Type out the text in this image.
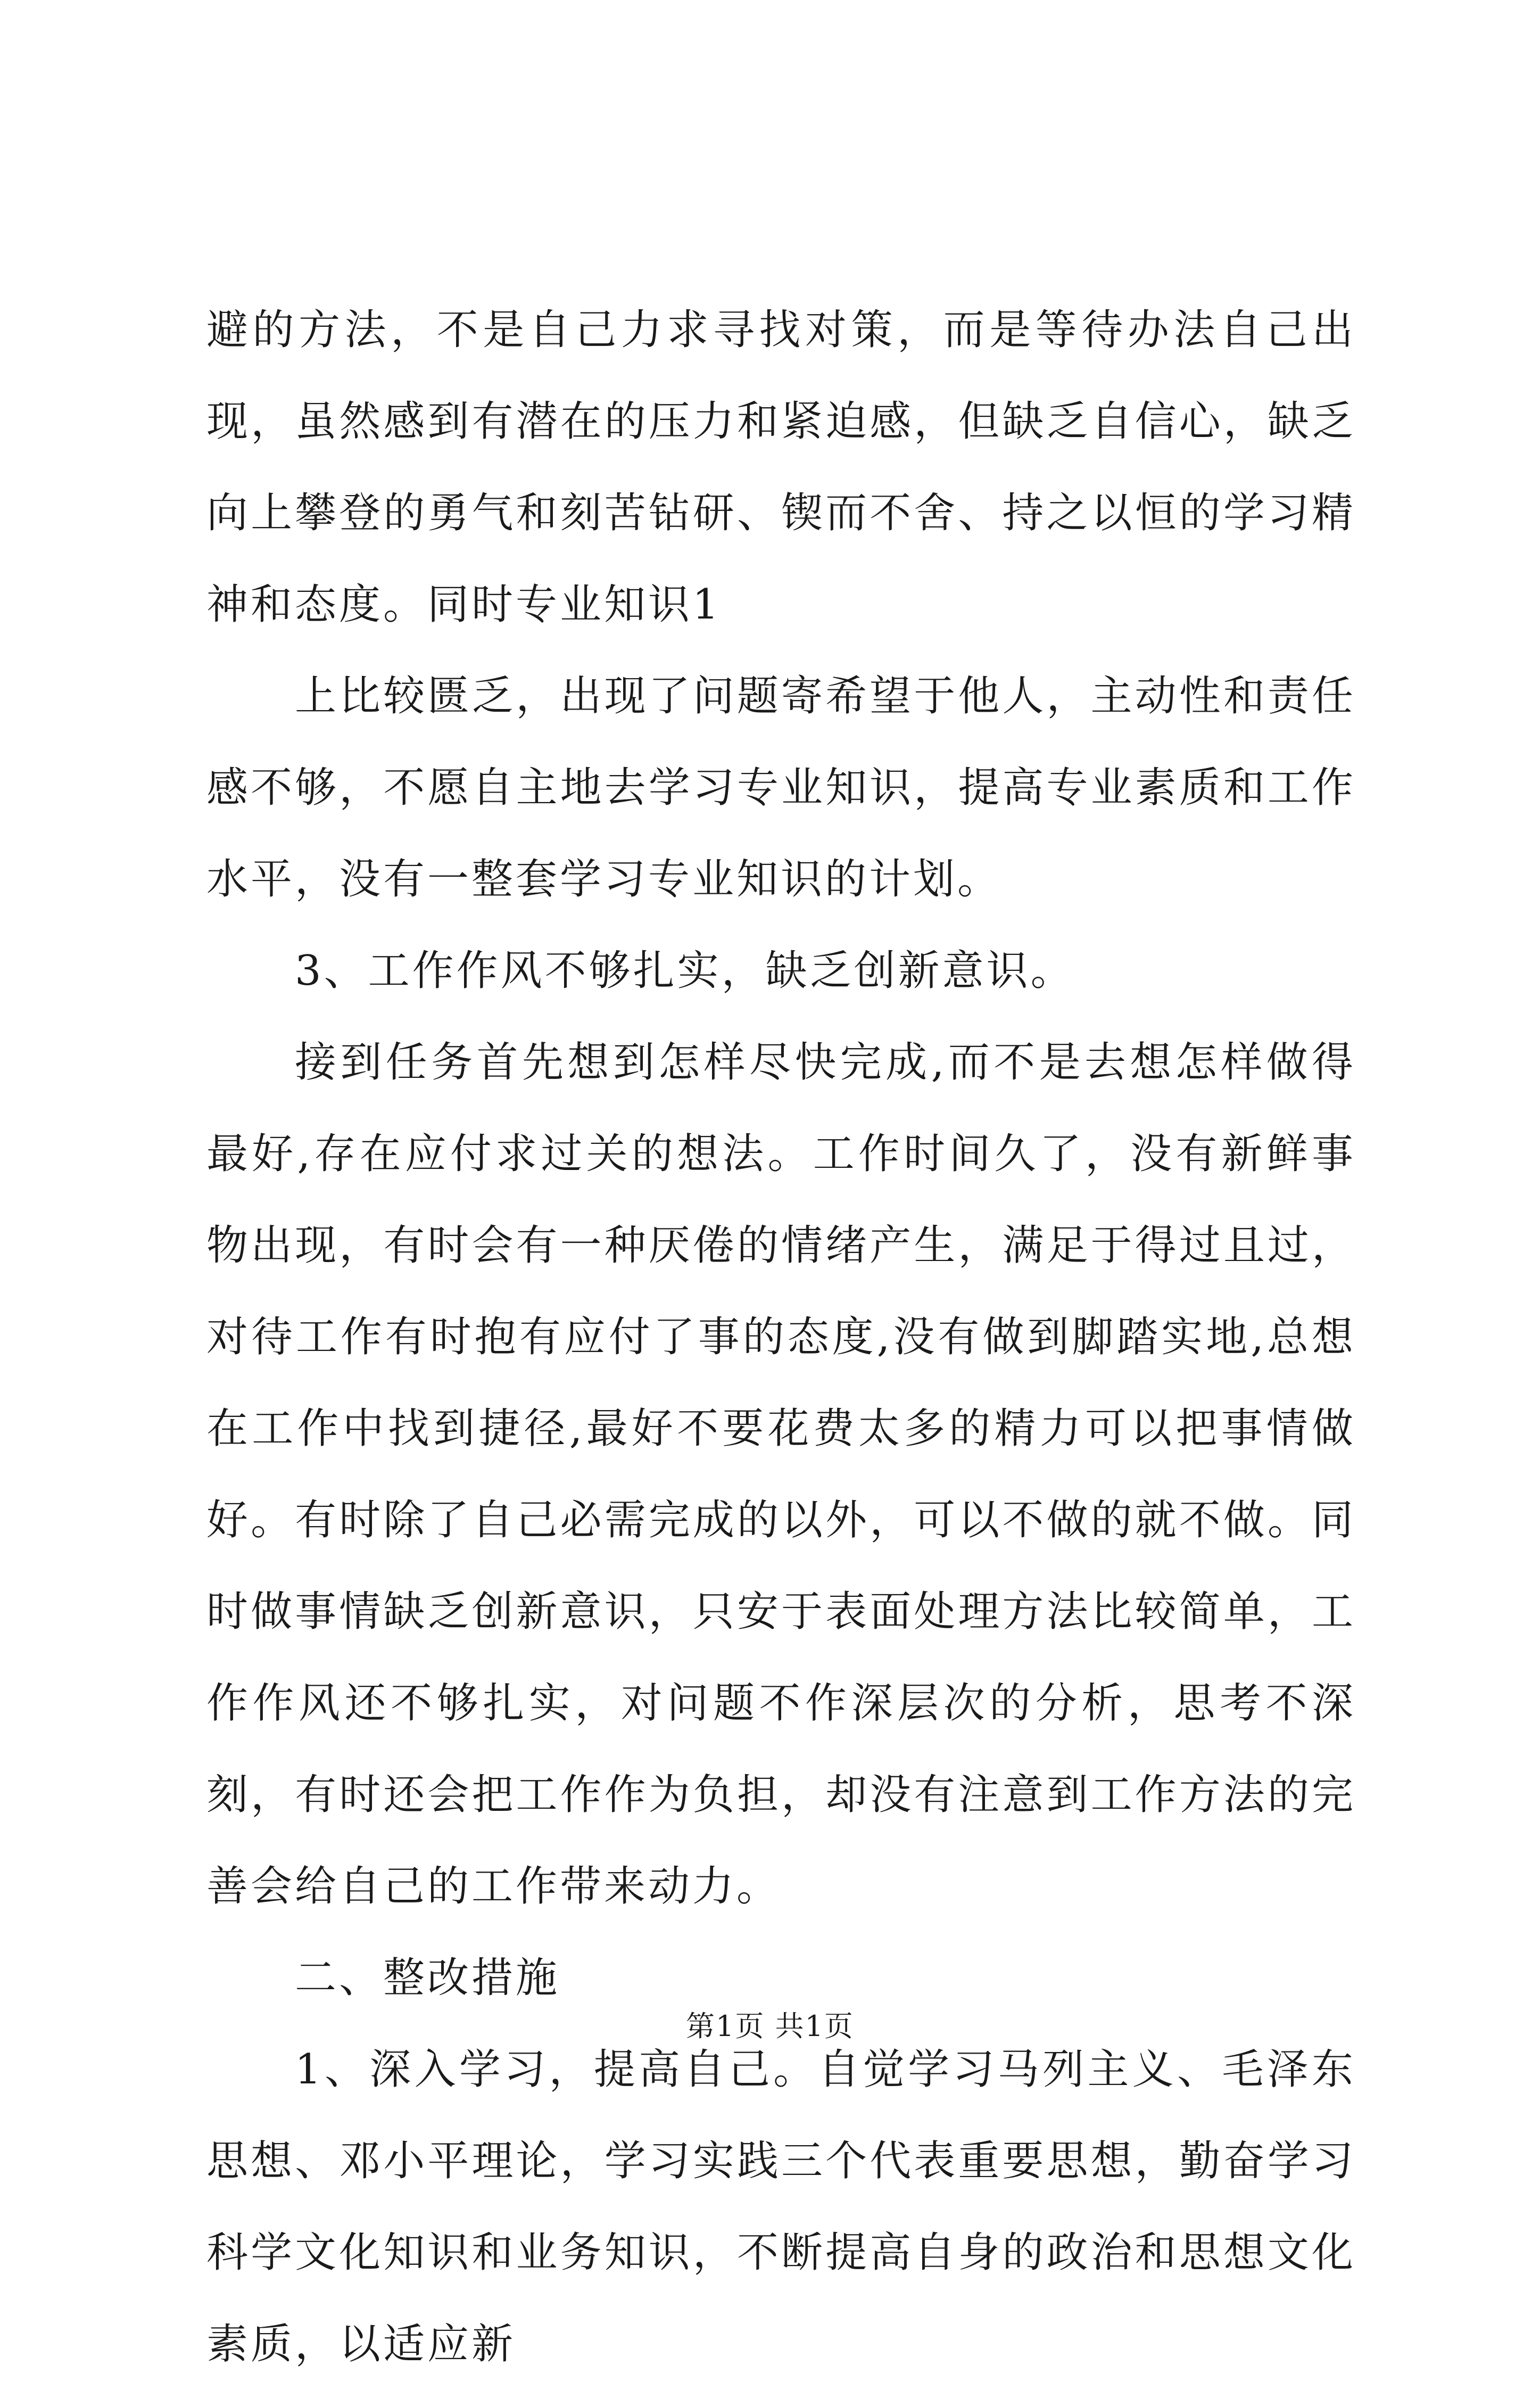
避的方法，不是自己力求寻找对策，而是等待办法自己出现，虽然感到有潜在的压力和紧迫感，但缺乏自信心，缺乏向上攀登的勇气和刻苦钻研、锲而不舍、持之以恒的学习精神和态度。同时专业知识1

上比较匮乏，出现了问题寄希望于他人，主动性和责任感不够，不愿自主地去学习专业知识，提高专业素质和工作水平，没有一整套学习专业知识的计划。

3、工作作风不够扎实，缺乏创新意识。

接到任务首先想到怎样尽快完成,而不是去想怎样做得最好,存在应付求过关的想法。工作时间久了，没有新鲜事物出现，有时会有一种厌倦的情绪产生，满足于得过且过，对待工作有时抱有应付了事的态度,没有做到脚踏实地,总想在工作中找到捷径,最好不要花费太多的精力可以把事情做好。有时除了自己必需完成的以外，可以不做的就不做。同时做事情缺乏创新意识，只安于表面处理方法比较简单，工作作风还不够扎实，对问题不作深层次的分析，思考不深刻，有时还会把工作作为负担，却没有注意到工作方法的完善会给自己的工作带来动力。

二、整改措施

1、深入学习，提高自己。自觉学习马列主义、毛泽东思想、邓小平理论，学习实践三个代表重要思想，勤奋学习科学文化知识和业务知识，不断提高自身的政治和思想文化素质，以适应新

第1页 共1页
